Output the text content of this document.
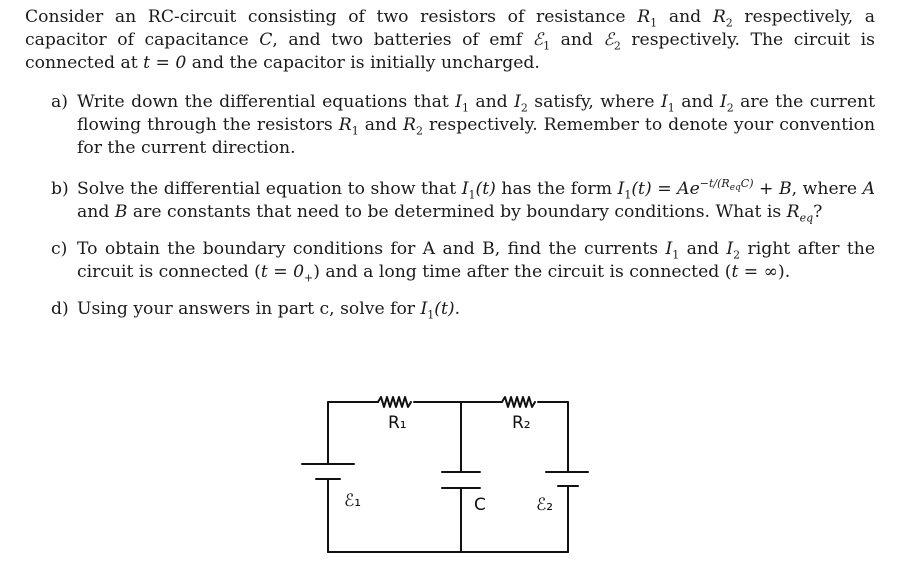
Consider an RC-circuit consisting of two resistors of resistance $R_1$ and $R_2$ respectively, a capacitor of capacitance C, and two batteries of emf ℰ$_1$ and ℰ$_2$ respectively. The circuit is connected at t = 0 and the capacitor is initially uncharged.

a) Write down the differential equations that $I_1$ and $I_2$ satisfy, where $I_1$ and $I_2$ are the current flowing through the resistors $R_1$ and $R_2$ respectively. Remember to denote your convention for the current direction.
b) Solve the differential equation to show that $I_1(t)$ has the form $I_1(t) = Ae^{-t/(R_{eq}C)} + B$, where A and B are constants that need to be determined by boundary conditions. What is $R_{eq}$?
c) To obtain the boundary conditions for A and B, find the currents $I_1$ and $I_2$ right after the circuit is connected $(t = 0_+)$ and a long time after the circuit is connected (t = ∞).
d) Using your answers in part c, solve for $I_1(t)$.
R₁	R₂
ℰ₁	C	ℰ₂
